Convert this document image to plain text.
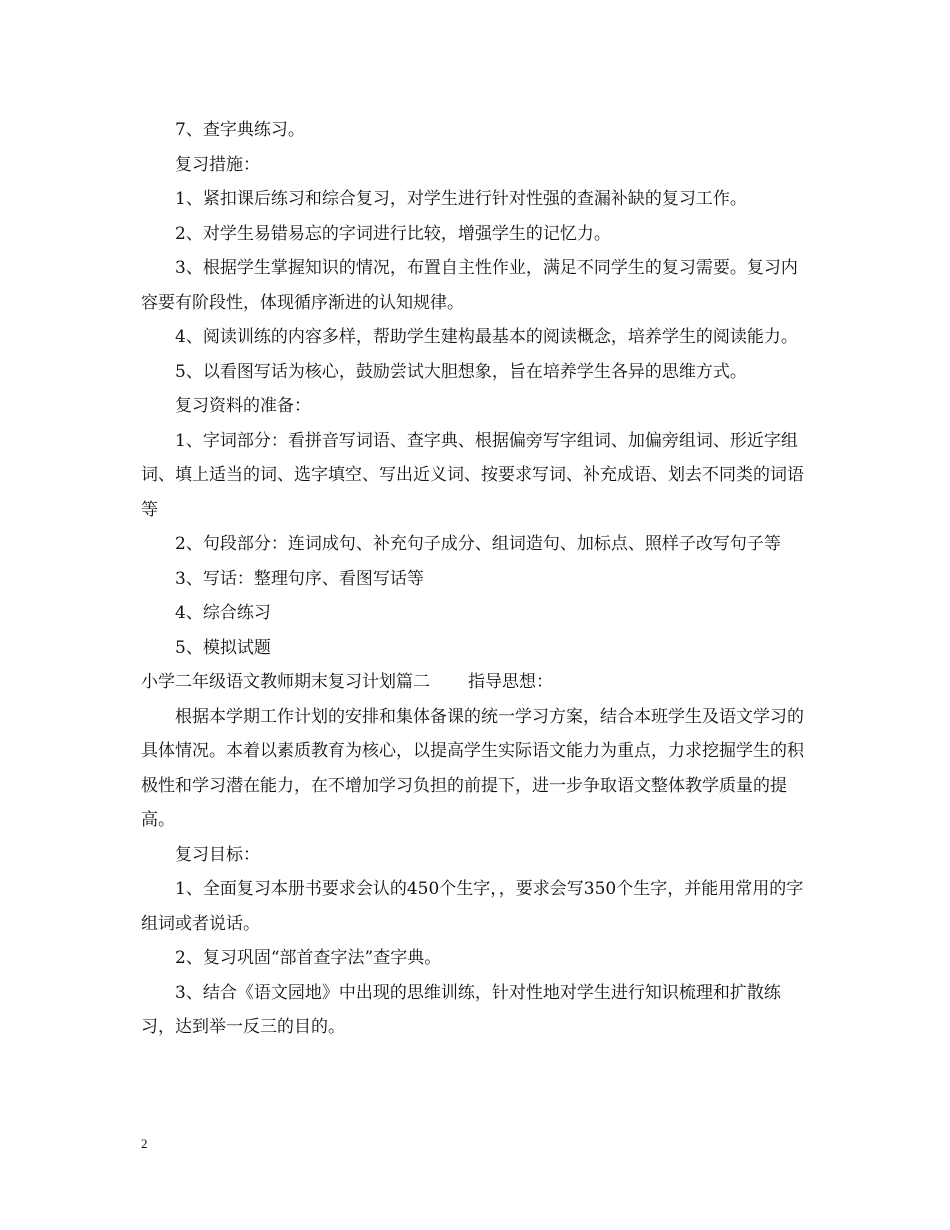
7、查字典练习。

复习措施：

1、紧扣课后练习和综合复习，对学生进行针对性强的查漏补缺的复习工作。

2、对学生易错易忘的字词进行比较，增强学生的记忆力。

3、根据学生掌握知识的情况，布置自主性作业，满足不同学生的复习需要。复习内容要有阶段性，体现循序渐进的认知规律。

4、阅读训练的内容多样，帮助学生建构最基本的阅读概念，培养学生的阅读能力。

5、以看图写话为核心，鼓励尝试大胆想象，旨在培养学生各异的思维方式。

复习资料的准备：

1、字词部分：看拼音写词语、查字典、根据偏旁写字组词、加偏旁组词、形近字组词、填上适当的词、选字填空、写出近义词、按要求写词、补充成语、划去不同类的词语等

2、句段部分：连词成句、补充句子成分、组词造句、加标点、照样子改写句子等

3、写话：整理句序、看图写话等

4、综合练习

5、模拟试题

小学二年级语文教师期末复习计划篇二 指导思想：

根据本学期工作计划的安排和集体备课的统一学习方案，结合本班学生及语文学习的具体情况。本着以素质教育为核心，以提高学生实际语文能力为重点，力求挖掘学生的积极性和学习潜在能力，在不增加学习负担的前提下，进一步争取语文整体教学质量的提高。

复习目标：

1、全面复习本册书要求会认的450个生字，，要求会写350个生字，并能用常用的字组词或者说话。

2、复习巩固“部首查字法”查字典。

3、结合《语文园地》中出现的思维训练，针对性地对学生进行知识梳理和扩散练习，达到举一反三的目的。

2
